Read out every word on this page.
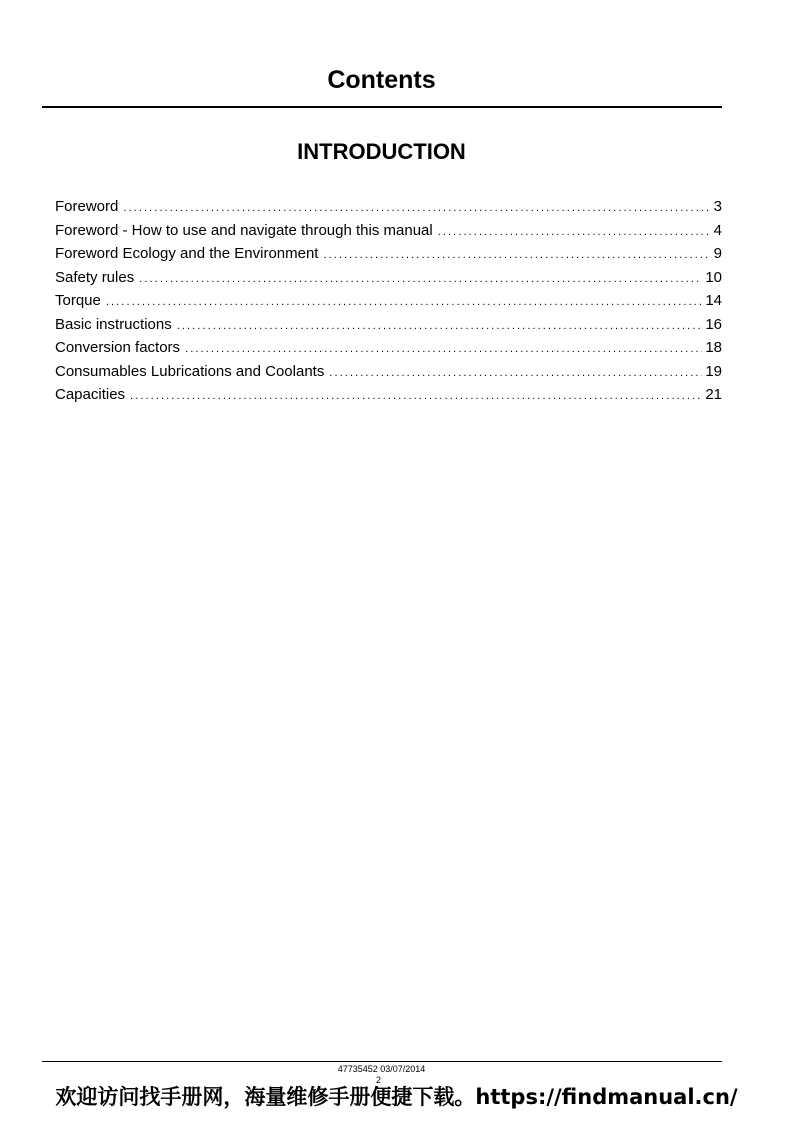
Contents
INTRODUCTION
Foreword .....	3
Foreword - How to use and navigate through this manual .....	4
Foreword Ecology and the Environment .....	9
Safety rules .....	10
Torque .....	14
Basic instructions .....	16
Conversion factors .....	18
Consumables Lubrications and Coolants .....	19
Capacities .....	21
47735452 03/07/2014
2
欢迎访问找手册网，海量维修手册便捷下载。https://findmanual.cn/
